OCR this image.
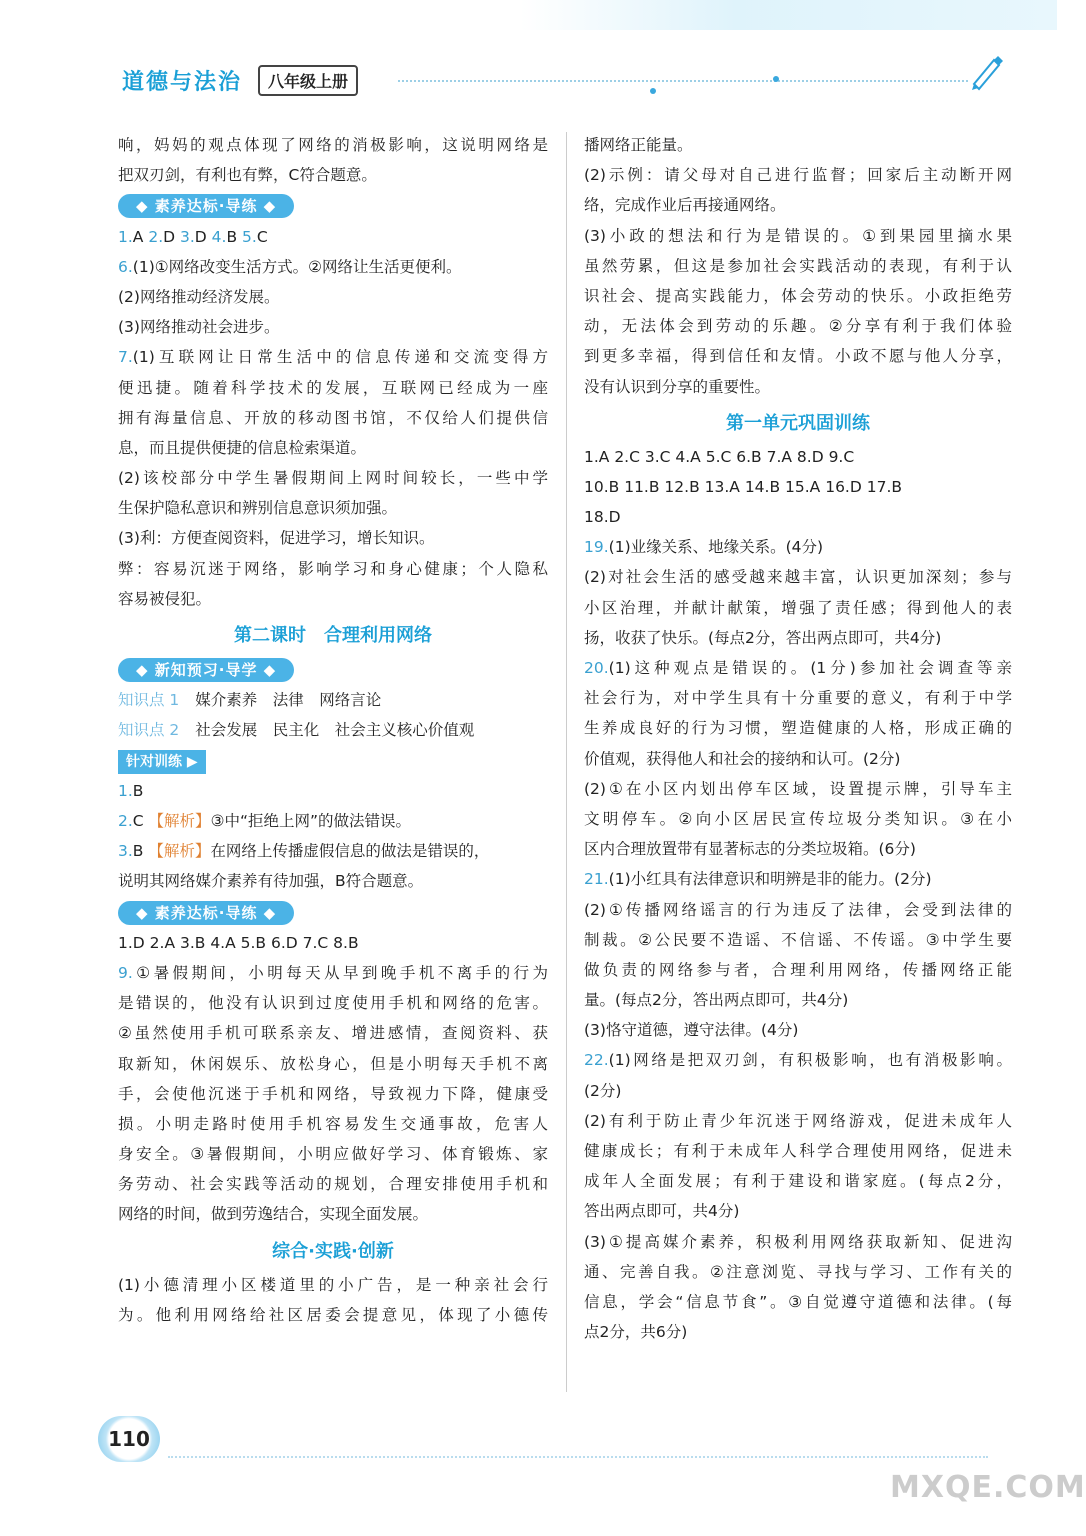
道德与法治	八年级上册
响，妈妈的观点体现了网络的消极影响，这说明网络是
把双刃剑，有利也有弊，C符合题意。
◆ 素养达标·导练 ◆
1.A 2.D 3.D 4.B 5.C
6.(1)①网络改变生活方式。②网络让生活更便利。
(2)网络推动经济发展。
(3)网络推动社会进步。
7.(1)互联网让日常生活中的信息传递和交流变得方
便迅捷。随着科学技术的发展，互联网已经成为一座
拥有海量信息、开放的移动图书馆，不仅给人们提供信
息，而且提供便捷的信息检索渠道。
(2)该校部分中学生暑假期间上网时间较长，一些中学
生保护隐私意识和辨别信息意识须加强。
(3)利：方便查阅资料，促进学习，增长知识。
弊：容易沉迷于网络，影响学习和身心健康；个人隐私
容易被侵犯。
第二课时　合理利用网络
◆ 新知预习·导学 ◆
知识点 1 媒介素养　法律　网络言论
知识点 2 社会发展　民主化　社会主义核心价值观
针对训练 ▶
1.B
2.C 【解析】③中“拒绝上网”的做法错误。
3.B 【解析】在网络上传播虚假信息的做法是错误的，
说明其网络媒介素养有待加强，B符合题意。
◆ 素养达标·导练 ◆
1.D 2.A 3.B 4.A 5.B 6.D 7.C 8.B
9.①暑假期间，小明每天从早到晚手机不离手的行为
是错误的，他没有认识到过度使用手机和网络的危害。
②虽然使用手机可联系亲友、增进感情，查阅资料、获
取新知，休闲娱乐、放松身心，但是小明每天手机不离
手，会使他沉迷于手机和网络，导致视力下降，健康受
损。小明走路时使用手机容易发生交通事故，危害人
身安全。③暑假期间，小明应做好学习、体育锻炼、家
务劳动、社会实践等活动的规划，合理安排使用手机和
网络的时间，做到劳逸结合，实现全面发展。
综合·实践·创新
(1)小德清理小区楼道里的小广告，是一种亲社会行
为。他利用网络给社区居委会提意见，体现了小德传
播网络正能量。
(2)示例：请父母对自己进行监督；回家后主动断开网
络，完成作业后再接通网络。
(3)小政的想法和行为是错误的。①到果园里摘水果
虽然劳累，但这是参加社会实践活动的表现，有利于认
识社会、提高实践能力，体会劳动的快乐。小政拒绝劳
动，无法体会到劳动的乐趣。②分享有利于我们体验
到更多幸福，得到信任和友情。小政不愿与他人分享，
没有认识到分享的重要性。
第一单元巩固训练
1.A 2.C 3.C 4.A 5.C 6.B 7.A 8.D 9.C
10.B 11.B 12.B 13.A 14.B 15.A 16.D 17.B
18.D
19.(1)业缘关系、地缘关系。(4分)
(2)对社会生活的感受越来越丰富，认识更加深刻；参与
小区治理，并献计献策，增强了责任感；得到他人的表
扬，收获了快乐。(每点2分，答出两点即可，共4分)
20.(1)这种观点是错误的。(1分)参加社会调查等亲
社会行为，对中学生具有十分重要的意义，有利于中学
生养成良好的行为习惯，塑造健康的人格，形成正确的
价值观，获得他人和社会的接纳和认可。(2分)
(2)①在小区内划出停车区域，设置提示牌，引导车主
文明停车。②向小区居民宣传垃圾分类知识。③在小
区内合理放置带有显著标志的分类垃圾箱。(6分)
21.(1)小红具有法律意识和明辨是非的能力。(2分)
(2)①传播网络谣言的行为违反了法律，会受到法律的
制裁。②公民要不造谣、不信谣、不传谣。③中学生要
做负责的网络参与者，合理利用网络，传播网络正能
量。(每点2分，答出两点即可，共4分)
(3)恪守道德，遵守法律。(4分)
22.(1)网络是把双刃剑，有积极影响，也有消极影响。
(2分)
(2)有利于防止青少年沉迷于网络游戏，促进未成年人
健康成长；有利于未成年人科学合理使用网络，促进未
成年人全面发展；有利于建设和谐家庭。(每点2分，
答出两点即可，共4分)
(3)①提高媒介素养，积极利用网络获取新知、促进沟
通、完善自我。②注意浏览、寻找与学习、工作有关的
信息，学会“信息节食”。③自觉遵守道德和法律。(每
点2分，共6分)
110
MXQE.COM
